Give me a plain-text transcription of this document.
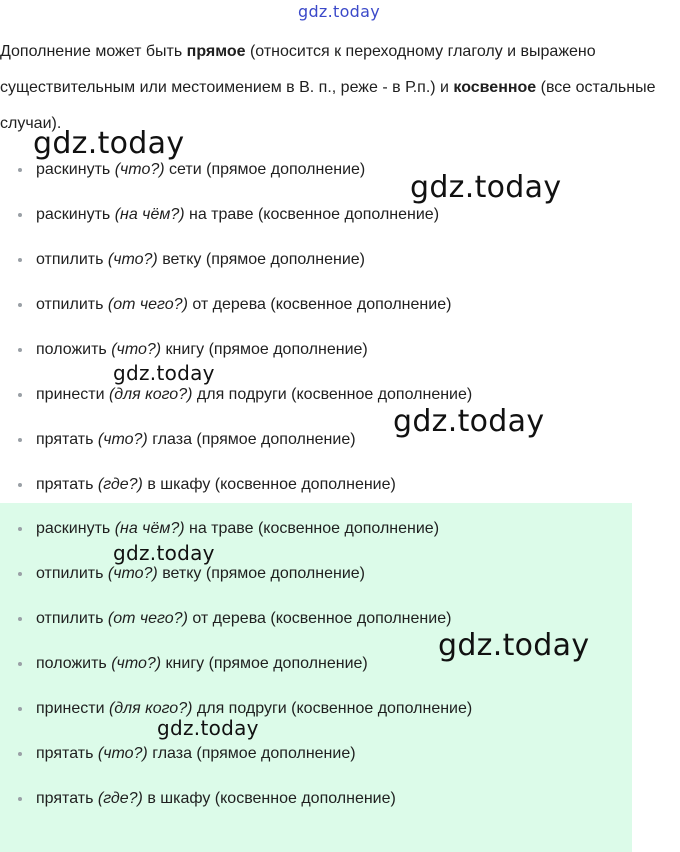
gdz.today

Дополнение может быть прямое (относится к переходному глаголу и выражено существительным или местоимением в В. п., реже - в Р.п.) и косвенное (все остальные случаи).

раскинуть (что?) сети (прямое дополнение)
раскинуть (на чём?) на траве (косвенное дополнение)
отпилить (что?) ветку (прямое дополнение)
отпилить (от чего?) от дерева (косвенное дополнение)
положить (что?) книгу (прямое дополнение)
принести (для кого?) для подруги (косвенное дополнение)
прятать (что?) глаза (прямое дополнение)
прятать (где?) в шкафу (косвенное дополнение)
раскинуть (на чём?) на траве (косвенное дополнение)
отпилить (что?) ветку (прямое дополнение)
отпилить (от чего?) от дерева (косвенное дополнение)
положить (что?) книгу (прямое дополнение)
принести (для кого?) для подруги (косвенное дополнение)
прятать (что?) глаза (прямое дополнение)
прятать (где?) в шкафу (косвенное дополнение)
gdz.today
gdz.today
gdz.today
gdz.today
gdz.today
gdz.today
gdz.today
